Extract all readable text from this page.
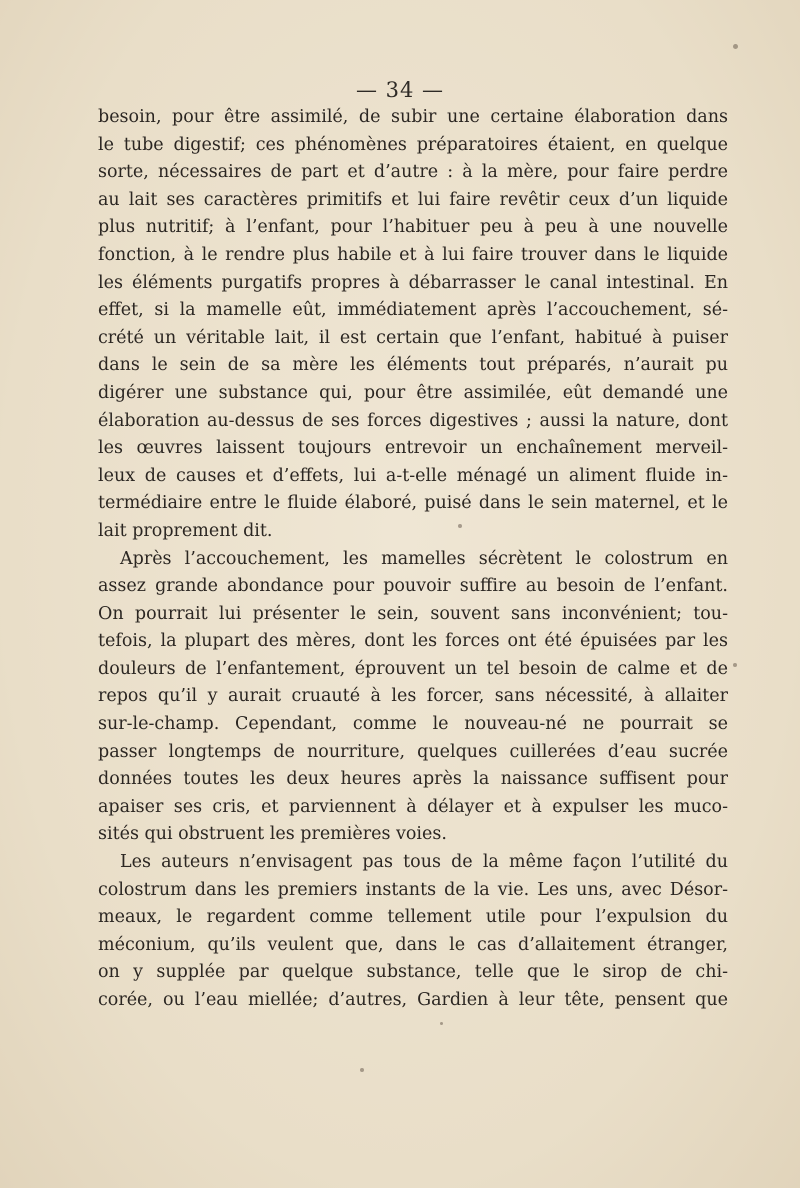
— 34 —
besoin, pour être assimilé, de subir une certaine élaboration dans
le tube digestif; ces phénomènes préparatoires étaient, en quelque
sorte, nécessaires de part et d’autre : à la mère, pour faire perdre
au lait ses caractères primitifs et lui faire revêtir ceux d’un liquide
plus nutritif; à l’enfant, pour l’habituer peu à peu à une nouvelle
fonction, à le rendre plus habile et à lui faire trouver dans le liquide
les éléments purgatifs propres à débarrasser le canal intestinal. En
effet, si la mamelle eût, immédiatement après l’accouchement, sé-
crété un véritable lait, il est certain que l’enfant, habitué à puiser
dans le sein de sa mère les éléments tout préparés, n’aurait pu
digérer une substance qui, pour être assimilée, eût demandé une
élaboration au-dessus de ses forces digestives ; aussi la nature, dont
les œuvres laissent toujours entrevoir un enchaînement merveil-
leux de causes et d’effets, lui a-t-elle ménagé un aliment fluide in-
termédiaire entre le fluide élaboré, puisé dans le sein maternel, et le
lait proprement dit.
Après l’accouchement, les mamelles sécrètent le colostrum en
assez grande abondance pour pouvoir suffire au besoin de l’enfant.
On pourrait lui présenter le sein, souvent sans inconvénient; tou-
tefois, la plupart des mères, dont les forces ont été épuisées par les
douleurs de l’enfantement, éprouvent un tel besoin de calme et de
repos qu’il y aurait cruauté à les forcer, sans nécessité, à allaiter
sur-le-champ. Cependant, comme le nouveau-né ne pourrait se
passer longtemps de nourriture, quelques cuillerées d’eau sucrée
données toutes les deux heures après la naissance suffisent pour
apaiser ses cris, et parviennent à délayer et à expulser les muco-
sités qui obstruent les premières voies.
Les auteurs n’envisagent pas tous de la même façon l’utilité du
colostrum dans les premiers instants de la vie. Les uns, avec Désor-
meaux, le regardent comme tellement utile pour l’expulsion du
méconium, qu’ils veulent que, dans le cas d’allaitement étranger,
on y supplée par quelque substance, telle que le sirop de chi-
corée, ou l’eau miellée; d’autres, Gardien à leur tête, pensent que
